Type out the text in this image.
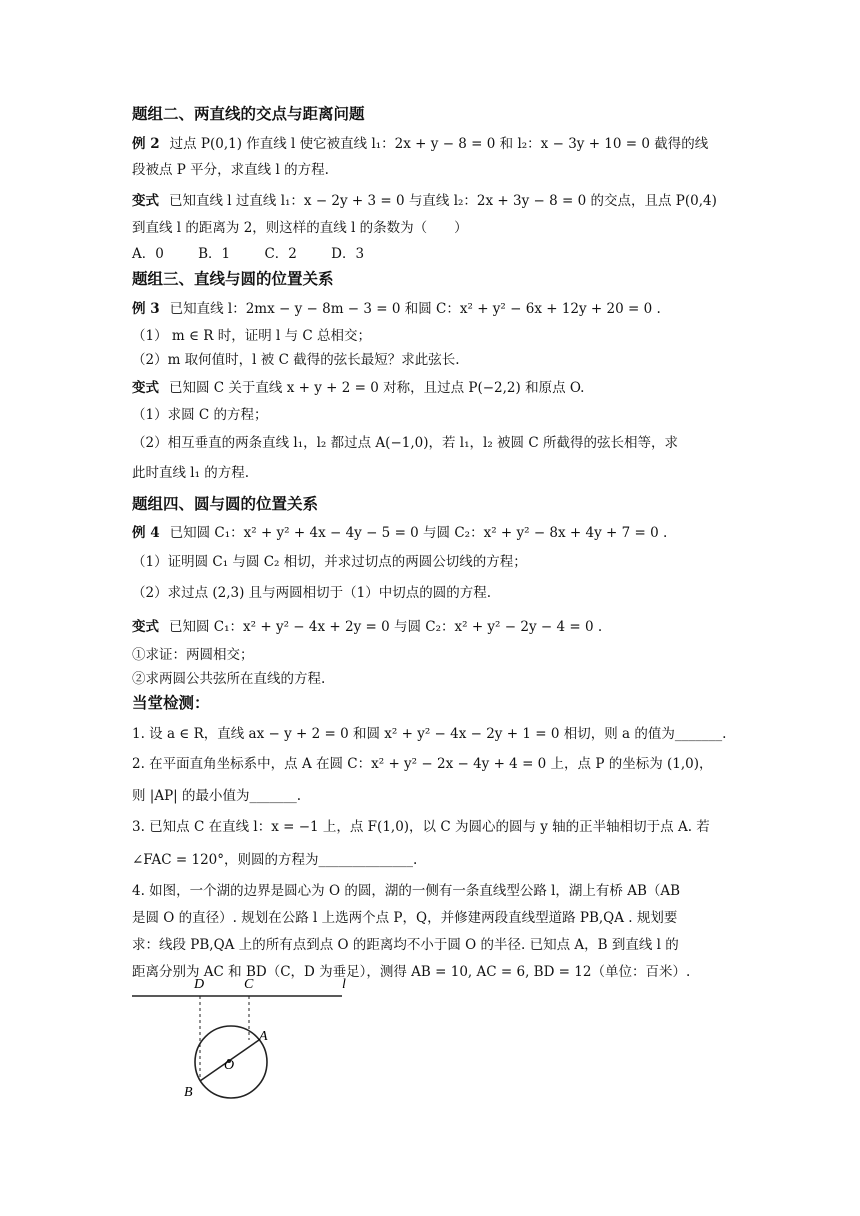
题组二、两直线的交点与距离问题
例 2 过点 P(0,1) 作直线 l 使它被直线 l₁：2x + y − 8 = 0 和 l₂：x − 3y + 10 = 0 截得的线
段被点 P 平分，求直线 l 的方程.
变式 已知直线 l 过直线 l₁：x − 2y + 3 = 0 与直线 l₂：2x + 3y − 8 = 0 的交点，且点 P(0,4)
到直线 l 的距离为 2，则这样的直线 l 的条数为（　　）
A．0	B．1	C．2	D．3
题组三、直线与圆的位置关系
例 3 已知直线 l：2mx − y − 8m − 3 = 0 和圆 C：x² + y² − 6x + 12y + 20 = 0 .
（1） m ∈ R 时，证明 l 与 C 总相交；
（2）m 取何值时，l 被 C 截得的弦长最短？求此弦长.
变式 已知圆 C 关于直线 x + y + 2 = 0 对称，且过点 P(−2,2) 和原点 O.
（1）求圆 C 的方程；
（2）相互垂直的两条直线 l₁，l₂ 都过点 A(−1,0)，若 l₁，l₂ 被圆 C 所截得的弦长相等，求
此时直线 l₁ 的方程.
题组四、圆与圆的位置关系
例 4 已知圆 C₁：x² + y² + 4x − 4y − 5 = 0 与圆 C₂：x² + y² − 8x + 4y + 7 = 0 .
（1）证明圆 C₁ 与圆 C₂ 相切，并求过切点的两圆公切线的方程；
（2）求过点 (2,3) 且与两圆相切于（1）中切点的圆的方程.
变式 已知圆 C₁：x² + y² − 4x + 2y = 0 与圆 C₂：x² + y² − 2y − 4 = 0 .
①求证：两圆相交；
②求两圆公共弦所在直线的方程.
当堂检测：
1. 设 a ∈ R，直线 ax − y + 2 = 0 和圆 x² + y² − 4x − 2y + 1 = 0 相切，则 a 的值为_______.
2. 在平面直角坐标系中，点 A 在圆 C：x² + y² − 2x − 4y + 4 = 0 上，点 P 的坐标为 (1,0)，
则 |AP| 的最小值为_______.
3. 已知点 C 在直线 l：x = −1 上，点 F(1,0)，以 C 为圆心的圆与 y 轴的正半轴相切于点 A. 若
∠FAC = 120°，则圆的方程为______________.
4. 如图，一个湖的边界是圆心为 O 的圆，湖的一侧有一条直线型公路 l，湖上有桥 AB（AB
是圆 O 的直径）. 规划在公路 l 上选两个点 P，Q，并修建两段直线型道路 PB,QA . 规划要
求：线段 PB,QA 上的所有点到点 O 的距离均不小于圆 O 的半径. 已知点 A，B 到直线 l 的
距离分别为 AC 和 BD（C，D 为垂足），测得 AB = 10, AC = 6, BD = 12（单位：百米）.
D	C	l
A
O
B
